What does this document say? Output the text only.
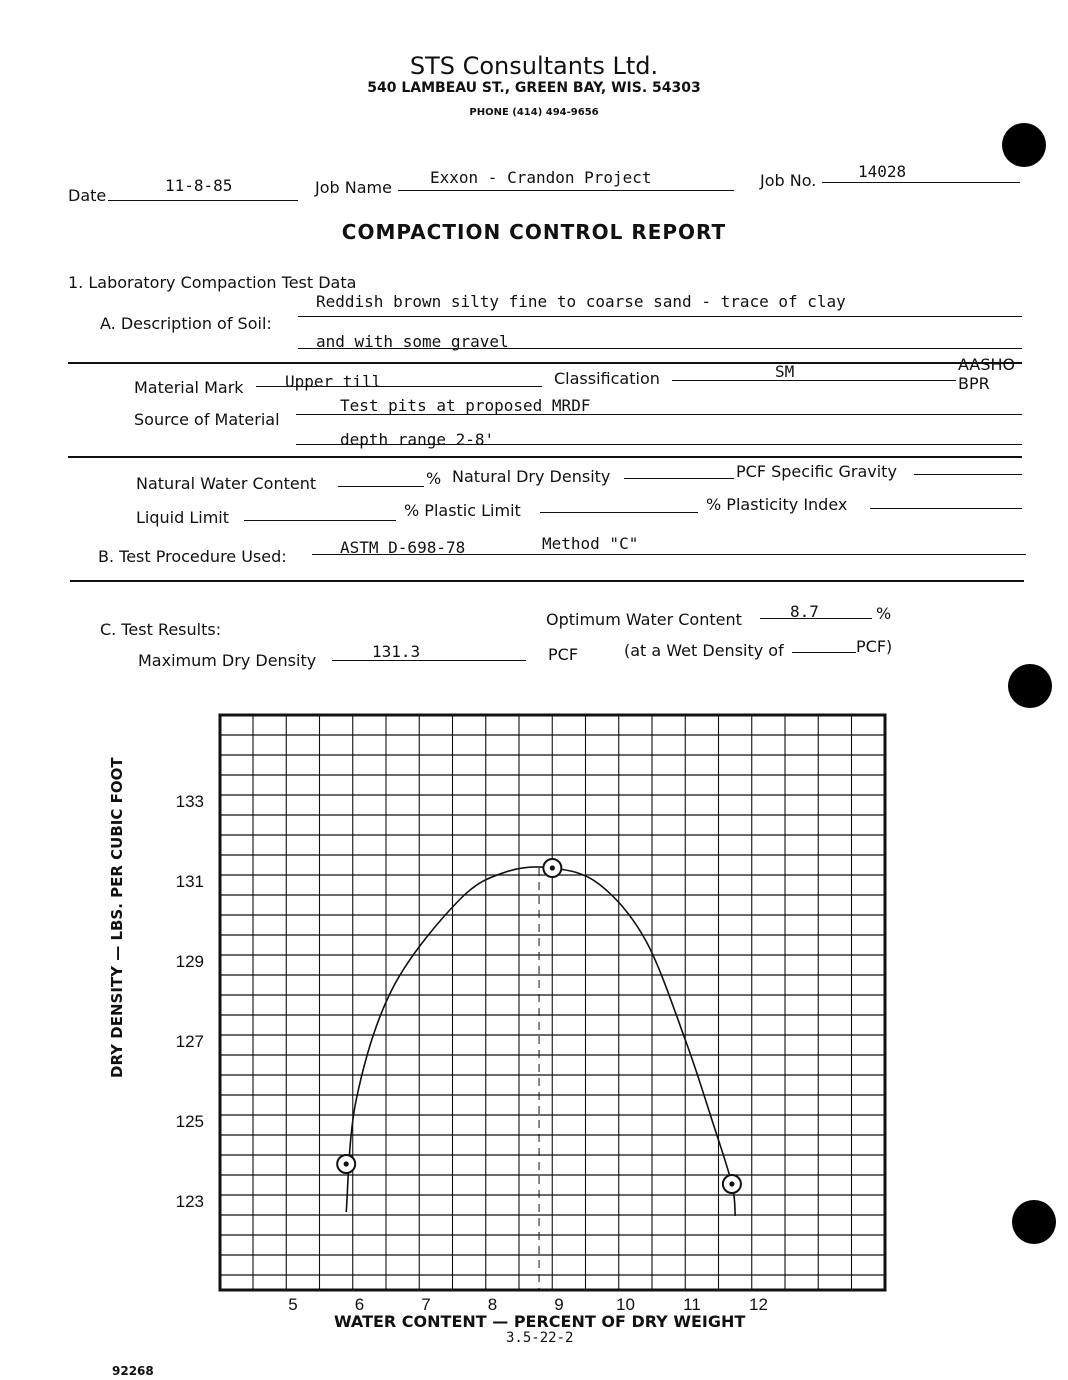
STS Consultants Ltd.
540 LAMBEAU ST., GREEN BAY, WIS. 54303
PHONE (414) 494-9656
Date
11-8-85	Job Name
Exxon - Crandon Project	Job No.	14028
COMPACTION CONTROL REPORT
1. Laboratory Compaction Test Data
A. Description of Soil:
Reddish brown silty fine to coarse sand - trace of clay
and with some gravel
Material Mark	Upper till	Classification	SM	AASHO
BPR
Source of Material
Test pits at proposed MRDF
depth range 2-8'
Natural Water Content	% Natural Dry Density	PCF Specific Gravity
Liquid Limit	% Plastic Limit	% Plasticity Index
B. Test Procedure Used:	ASTM D-698-78	Method "C"
C. Test Results:
Optimum Water Content	8.7	%
Maximum Dry Density	131.3	PCF	(at a Wet Density of	PCF)
133
131
129
127
125
123
5	6	7	8	9	10	11	12
DRY DENSITY — LBS. PER CUBIC FOOT
WATER CONTENT — PERCENT OF DRY WEIGHT
3.5-22-2
92268
